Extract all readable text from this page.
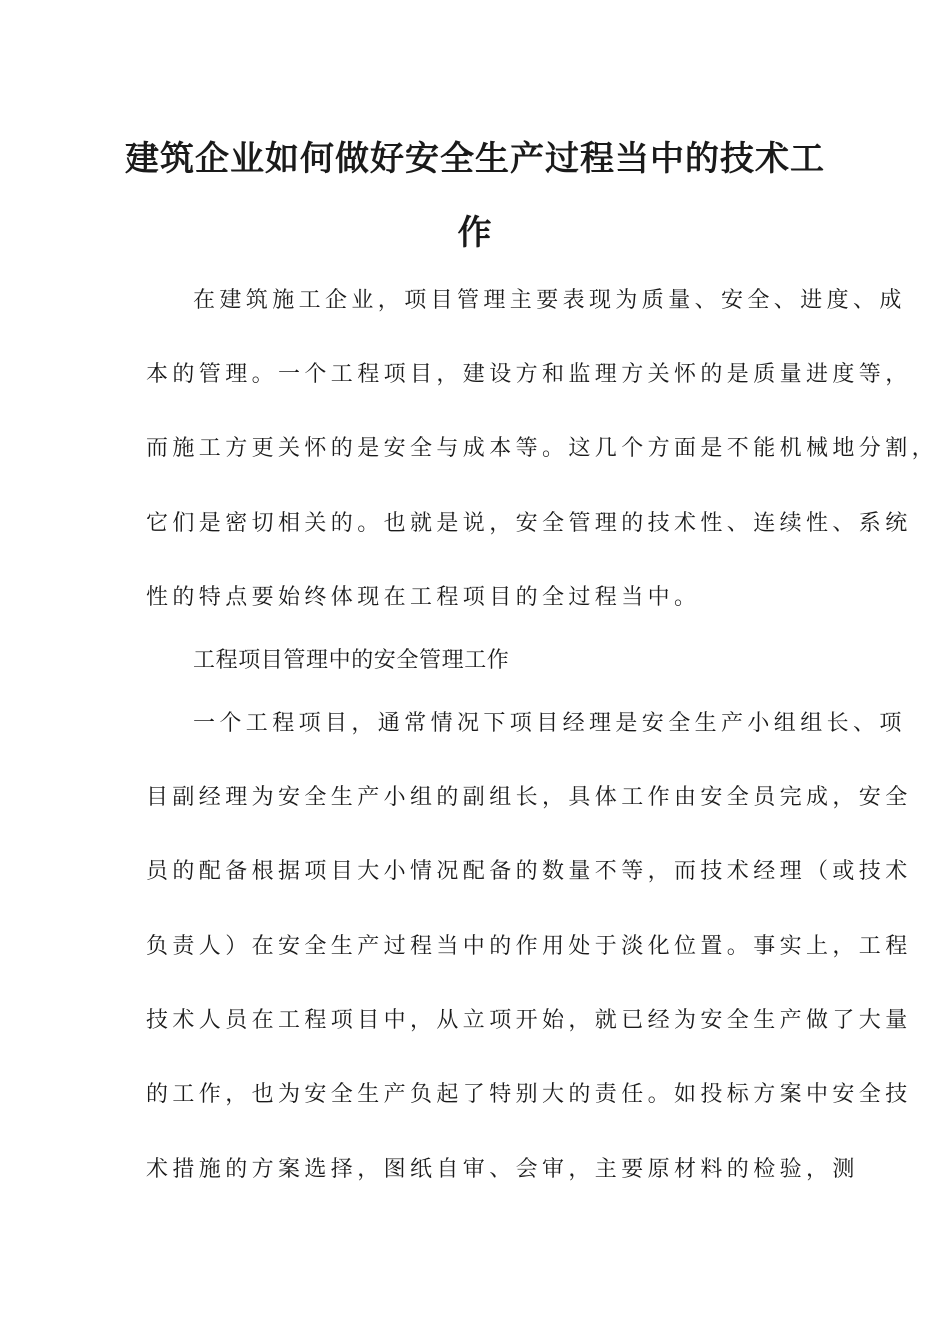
建筑企业如何做好安全生产过程当中的技术工
作
在建筑施工企业，项目管理主要表现为质量、安全、进度、成
本的管理。一个工程项目，建设方和监理方关怀的是质量进度等，
而施工方更关怀的是安全与成本等。这几个方面是不能机械地分割，
它们是密切相关的。也就是说，安全管理的技术性、连续性、系统
性的特点要始终体现在工程项目的全过程当中。
工程项目管理中的安全管理工作
一个工程项目，通常情况下项目经理是安全生产小组组长、项
目副经理为安全生产小组的副组长，具体工作由安全员完成，安全
员的配备根据项目大小情况配备的数量不等，而技术经理（或技术
负责人）在安全生产过程当中的作用处于淡化位置。事实上，工程
技术人员在工程项目中，从立项开始，就已经为安全生产做了大量
的工作，也为安全生产负起了特别大的责任。如投标方案中安全技
术措施的方案选择，图纸自审、会审，主要原材料的检验，测
